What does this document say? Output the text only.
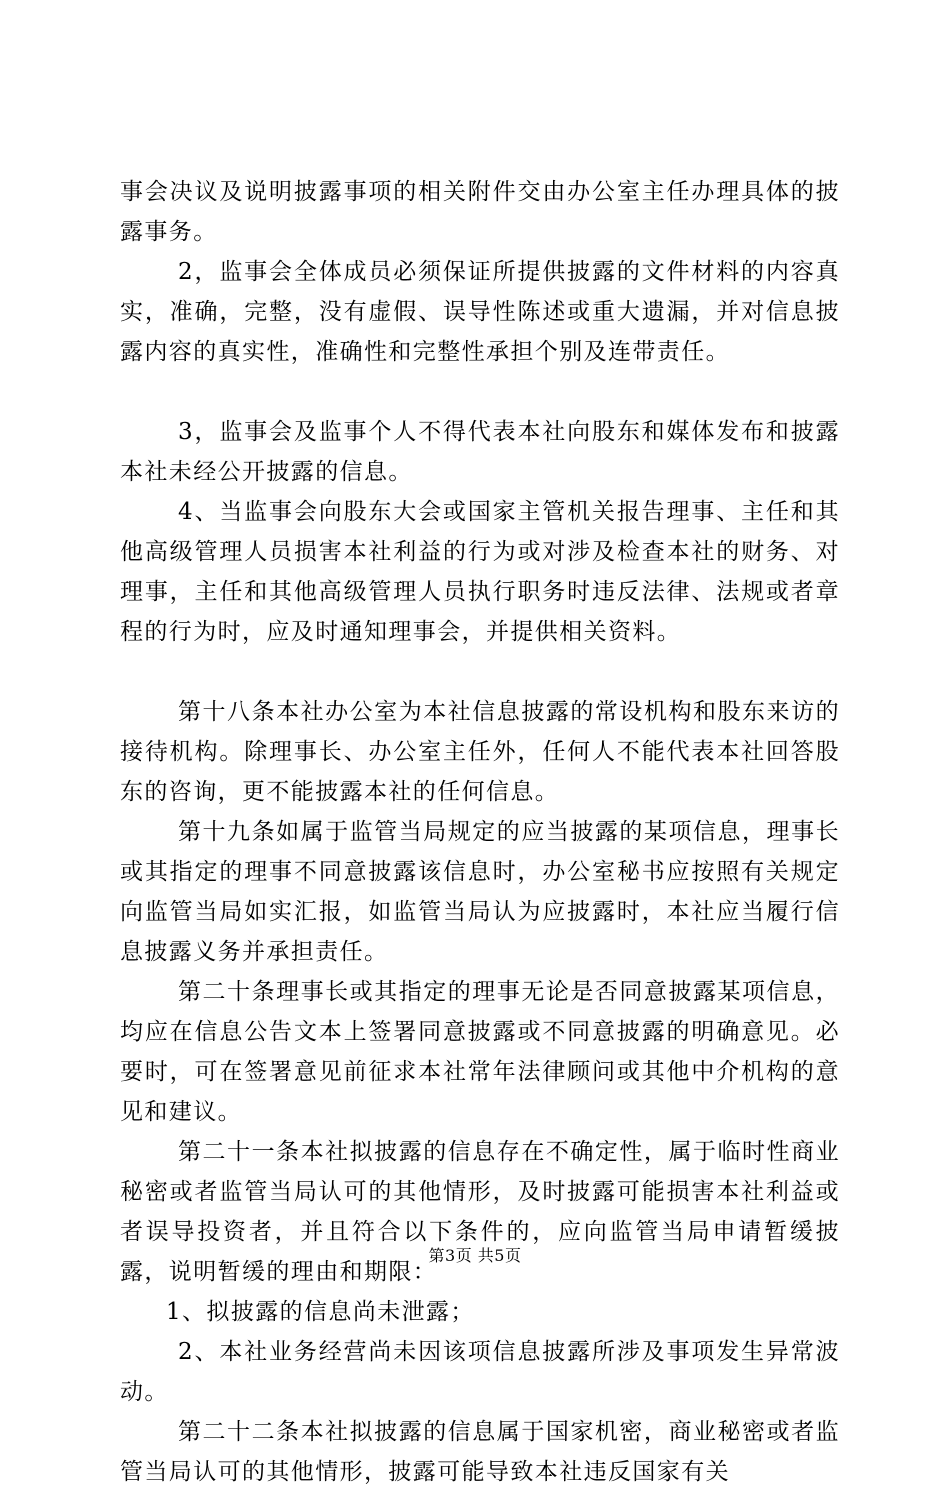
事会决议及说明披露事项的相关附件交由办公室主任办理具体的披露事务。

2，监事会全体成员必须保证所提供披露的文件材料的内容真实，准确，完整，没有虚假、误导性陈述或重大遗漏，并对信息披露内容的真实性，准确性和完整性承担个别及连带责任。

3，监事会及监事个人不得代表本社向股东和媒体发布和披露本社未经公开披露的信息。

4、当监事会向股东大会或国家主管机关报告理事、主任和其他高级管理人员损害本社利益的行为或对涉及检查本社的财务、对理事，主任和其他高级管理人员执行职务时违反法律、法规或者章程的行为时，应及时通知理事会，并提供相关资料。

第十八条本社办公室为本社信息披露的常设机构和股东来访的接待机构。除理事长、办公室主任外，任何人不能代表本社回答股东的咨询，更不能披露本社的任何信息。

第十九条如属于监管当局规定的应当披露的某项信息，理事长或其指定的理事不同意披露该信息时，办公室秘书应按照有关规定向监管当局如实汇报，如监管当局认为应披露时，本社应当履行信息披露义务并承担责任。

第二十条理事长或其指定的理事无论是否同意披露某项信息，均应在信息公告文本上签署同意披露或不同意披露的明确意见。必要时，可在签署意见前征求本社常年法律顾问或其他中介机构的意见和建议。

第二十一条本社拟披露的信息存在不确定性，属于临时性商业秘密或者监管当局认可的其他情形，及时披露可能损害本社利益或者误导投资者，并且符合以下条件的，应向监管当局申请暂缓披露，说明暂缓的理由和期限：

1、拟披露的信息尚未泄露；

2、本社业务经营尚未因该项信息披露所涉及事项发生异常波动。

第二十二条本社拟披露的信息属于国家机密，商业秘密或者监管当局认可的其他情形，披露可能导致本社违反国家有关

第3页 共5页
